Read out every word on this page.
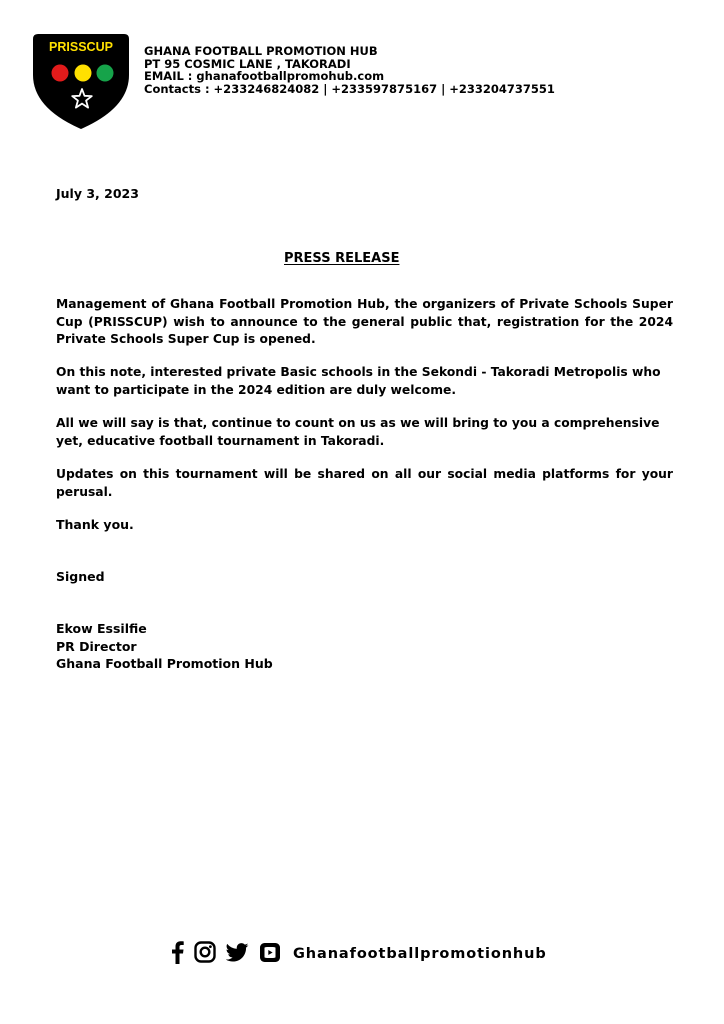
PRISSCUP	GHANA FOOTBALL PROMOTION HUB
PT 95 COSMIC LANE , TAKORADI
EMAIL : ghanafootballpromohub.com
Contacts : +233246824082 | +233597875167 | +233204737551
July 3, 2023
PRESS RELEASE

Management of Ghana Football Promotion Hub, the organizers of Private Schools Super Cup (PRISSCUP) wish to announce to the general public that, registration for the 2024 Private Schools Super Cup is opened.

On this note, interested private Basic schools in the Sekondi - Takoradi Metropolis who want to participate in the 2024 edition are duly welcome.

All we will say is that, continue to count on us as we will bring to you a comprehensive yet, educative football tournament in Takoradi.

Updates on this tournament will be shared on all our social media platforms for your perusal.

Thank you.
Signed
Ekow Essilfie
PR Director
Ghana Football Promotion Hub
Ghanafootballpromotionhub
